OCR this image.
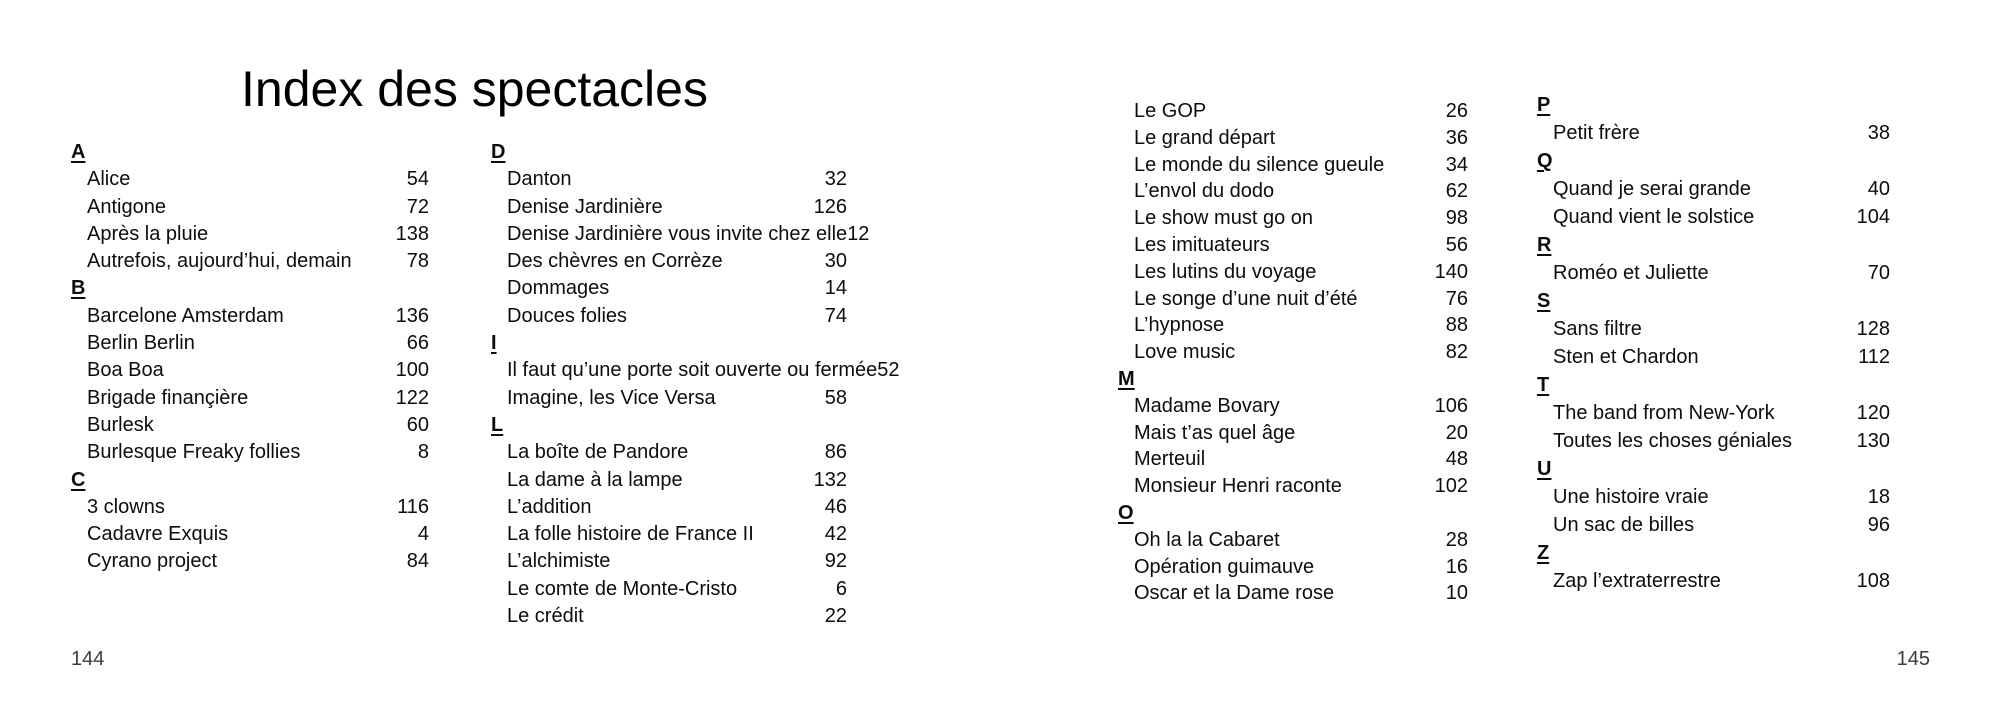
Index des spectacles
A
Alice	54
Antigone	72
Après la pluie	138
Autrefois, aujourd’hui, demain	78
B
Barcelone Amsterdam	136
Berlin Berlin	66
Boa Boa	100
Brigade finançière	122
Burlesk	60
Burlesque Freaky follies	8
C
3 clowns	116
Cadavre Exquis	4
Cyrano project	84
D
Danton	32
Denise Jardinière	126
Denise Jardinière vous invite chez elle 12
Des chèvres en Corrèze	30
Dommages	14
Douces folies	74
I
Il faut qu’une porte soit ouverte ou fermée 52
Imagine, les Vice Versa	58
L
La boîte de Pandore	86
La dame à la lampe	132
L’addition	46
La folle histoire de France II	42
L’alchimiste	92
Le comte de Monte-Cristo	6
Le crédit	22
Le GOP	26
Le grand départ	36
Le monde du silence gueule	34
L’envol du dodo	62
Le show must go on	98
Les imituateurs	56
Les lutins du voyage	140
Le songe d’une nuit d’été	76
L’hypnose	88
Love music	82
M
Madame Bovary	106
Mais t’as quel âge	20
Merteuil	48
Monsieur Henri raconte	102
O
Oh la la Cabaret	28
Opération guimauve	16
Oscar et la Dame rose	10
P
Petit frère	38
Q
Quand je serai grande	40
Quand vient le solstice	104
R
Roméo et Juliette	70
S
Sans filtre	128
Sten et Chardon	112
T
The band from New-York	120
Toutes les choses géniales	130
U
Une histoire vraie	18
Un sac de billes	96
Z
Zap l’extraterrestre	108
144	145
